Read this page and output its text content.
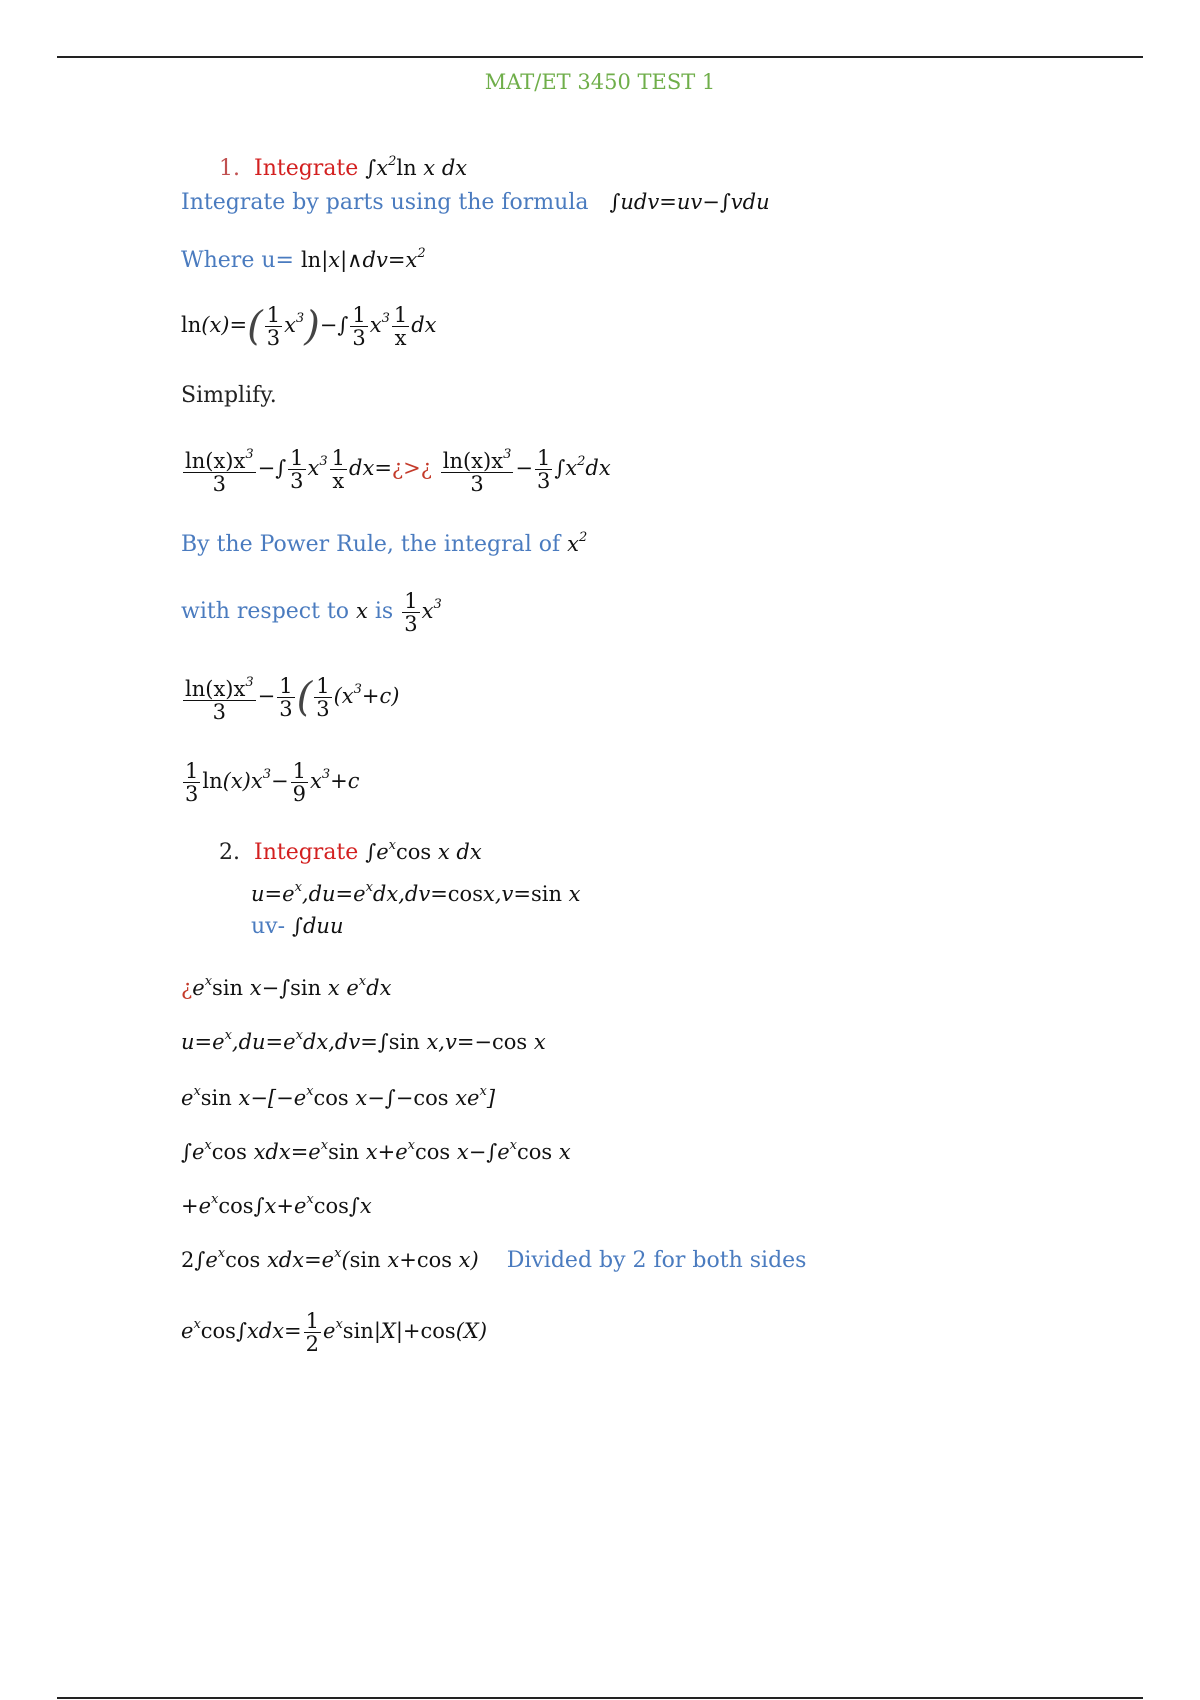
MAT/ET 3450 TEST 1
1. Integrate $\int x^2\ln$ x dx
Integrate by parts using the formula ∫udv=uv−∫vdu
Where $u= \ln|x|\wedge dv=x^2$
$\ln(x)=( \frac{1}{3} x^3)-\int \frac{1}{3} x^3 \frac{1}{x}$ dx
Simplify.
$\frac{\ln(x)x^3}{3}$ −∫ $\frac{1}{3} x^3 \frac{1}{x}$ dx=¿>¿ $\frac{\ln(x)x^3}{3} - \frac{1}{3} \int x^2dx$
By the Power Rule, the integral of $x^2$
with respect to x is $\frac{1}{3} x^3$
$\frac{\ln(x)x^3}{3} - \frac{1}{3}$ ( $\frac{1}{3} (x^3+c)$
$\frac{1}{3} \ln(x)x^3- \frac{1}{9} x^3+c$
2. Integrate $\int e^x\cos$ x dx
$u=e^x,du=e^xdx,dv=\cos x,v=\sin$ x
uv- ∫duu
¿$e^x\sin$ x−∫sin x $e^xdx$
$u=e^x,du=e^xdx,dv=\int\sin$ x,v=−cos x
$e^x\sin$ $x-[-e^x\cos$ x−∫−cos $xe^x$]
$\int e^x\cos$ $xdx=e^x\sin$ $x+e^x\cos$ $x-\int e^x\cos$ x
$+e^x\cos\int x+e^x\cos\int x$
$2\int e^x\cos$ $xdx=e^x(\sin$ x+cos x) Divided by 2 for both sides
$e^x\cos\int xdx= \frac{1}{2} e^x\sin|X|+\cos(X)$
